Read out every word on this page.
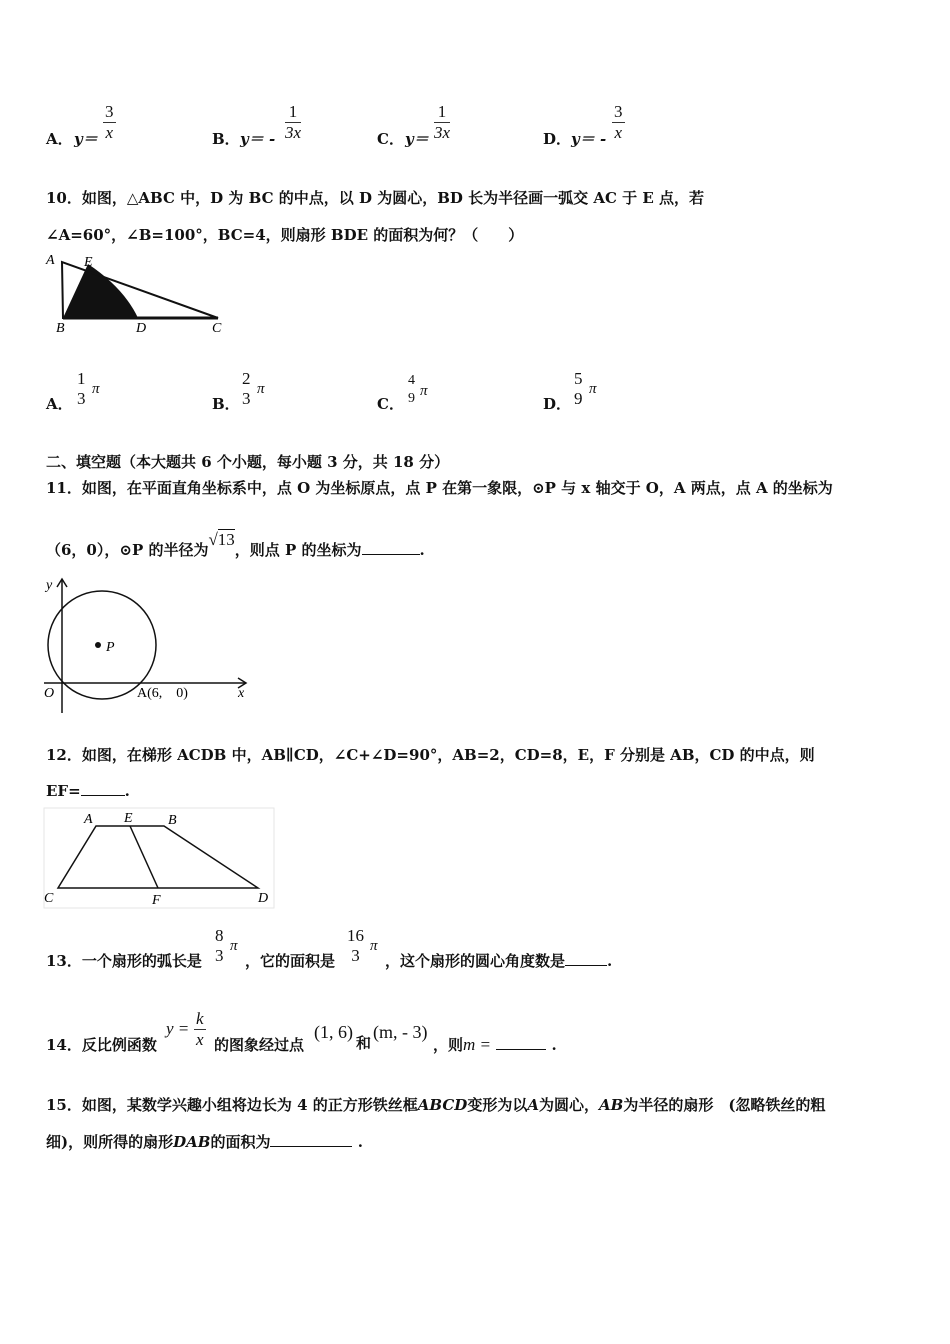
A． $y= \frac{3}{x}$	B． $y= - \frac{1}{3x}$	C． $y= \frac{1}{3x}$	D． $y= - \frac{3}{x}$
10．如图，△ABC 中，D 为 BC 的中点，以 D 为圆心，BD 长为半径画一弧交 AC 于 E 点，若
∠A=60°，∠B=100°，BC=4，则扇形 BDE 的面积为何？（　　）
A E
B	D	C
A．
1
3 π
B．
2
3 π
C．
4
9 π
D．
5
9 π
二、填空题（本大题共 6 个小题，每小题 3 分，共 18 分）
11．如图，在平面直角坐标系中，点 O 为坐标原点，点 P 在第一象限，⊙P 与 x 轴交于 O，A 两点，点 A 的坐标为
（6，0），⊙P 的半径为√13，则点 P 的坐标为	.
y
x
O
P
A(6,　0)
12．如图，在梯形 ACDB 中，AB∥CD，∠C+∠D=90°，AB=2，CD=8，E，F 分别是 AB，CD 的中点，则
EF=	.
A E	B
C	F	D
13．一个扇形的弧长是
8
3 π
，它的面积是
16
3 π
，这个扇形的圆心角度数是	.
14．反比例函数
$y = \frac{k}{x}$ 的图象经过点
(1, 6)
和
(m, - 3)
，则m =	.
15．如图，某数学兴趣小组将边长为 4 的正方形铁丝框ABCD变形为以A为圆心，AB为半径的扇形　(忽略铁丝的粗
细)，则所得的扇形DAB的面积为	.
